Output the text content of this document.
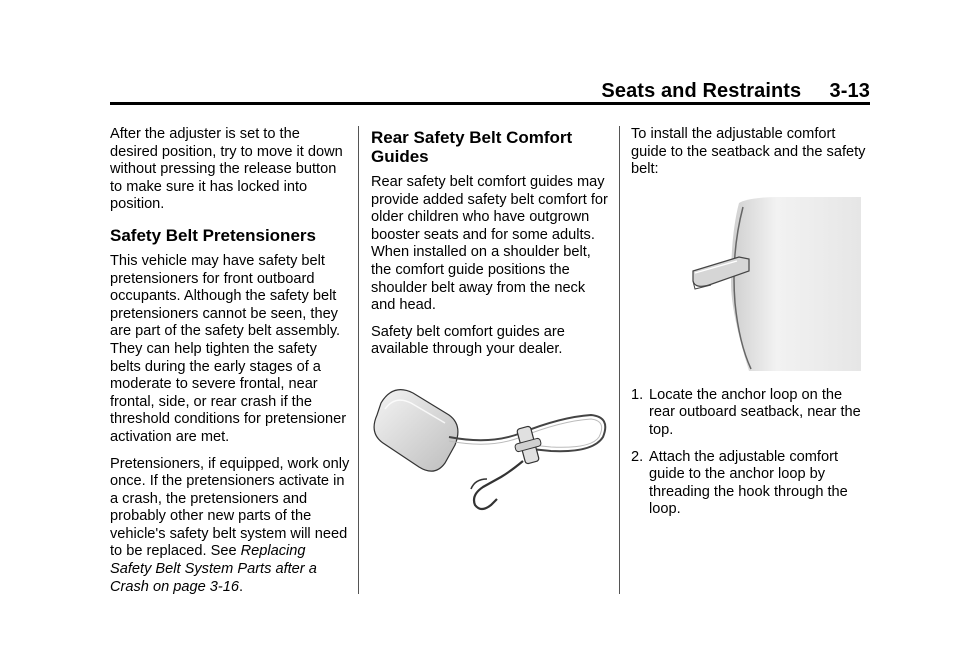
Seats and Restraints     3-13

After the adjuster is set to the desired position, try to move it down without pressing the release button to make sure it has locked into position.

Safety Belt Pretensioners

This vehicle may have safety belt pretensioners for front outboard occupants. Although the safety belt pretensioners cannot be seen, they are part of the safety belt assembly. They can help tighten the safety belts during the early stages of a moderate to severe frontal, near frontal, side, or rear crash if the threshold conditions for pretensioner activation are met.

Pretensioners, if equipped, work only once. If the pretensioners activate in a crash, the pretensioners and probably other new parts of the vehicle's safety belt system will need to be replaced. See Replacing Safety Belt System Parts after a Crash on page 3-16.

Rear Safety Belt Comfort Guides

Rear safety belt comfort guides may provide added safety belt comfort for older children who have outgrown booster seats and for some adults. When installed on a shoulder belt, the comfort guide positions the shoulder belt away from the neck and head.

Safety belt comfort guides are available through your dealer.

To install the adjustable comfort guide to the seatback and the safety belt:

1. Locate the anchor loop on the rear outboard seatback, near the top.
2. Attach the adjustable comfort guide to the anchor loop by threading the hook through the loop.
